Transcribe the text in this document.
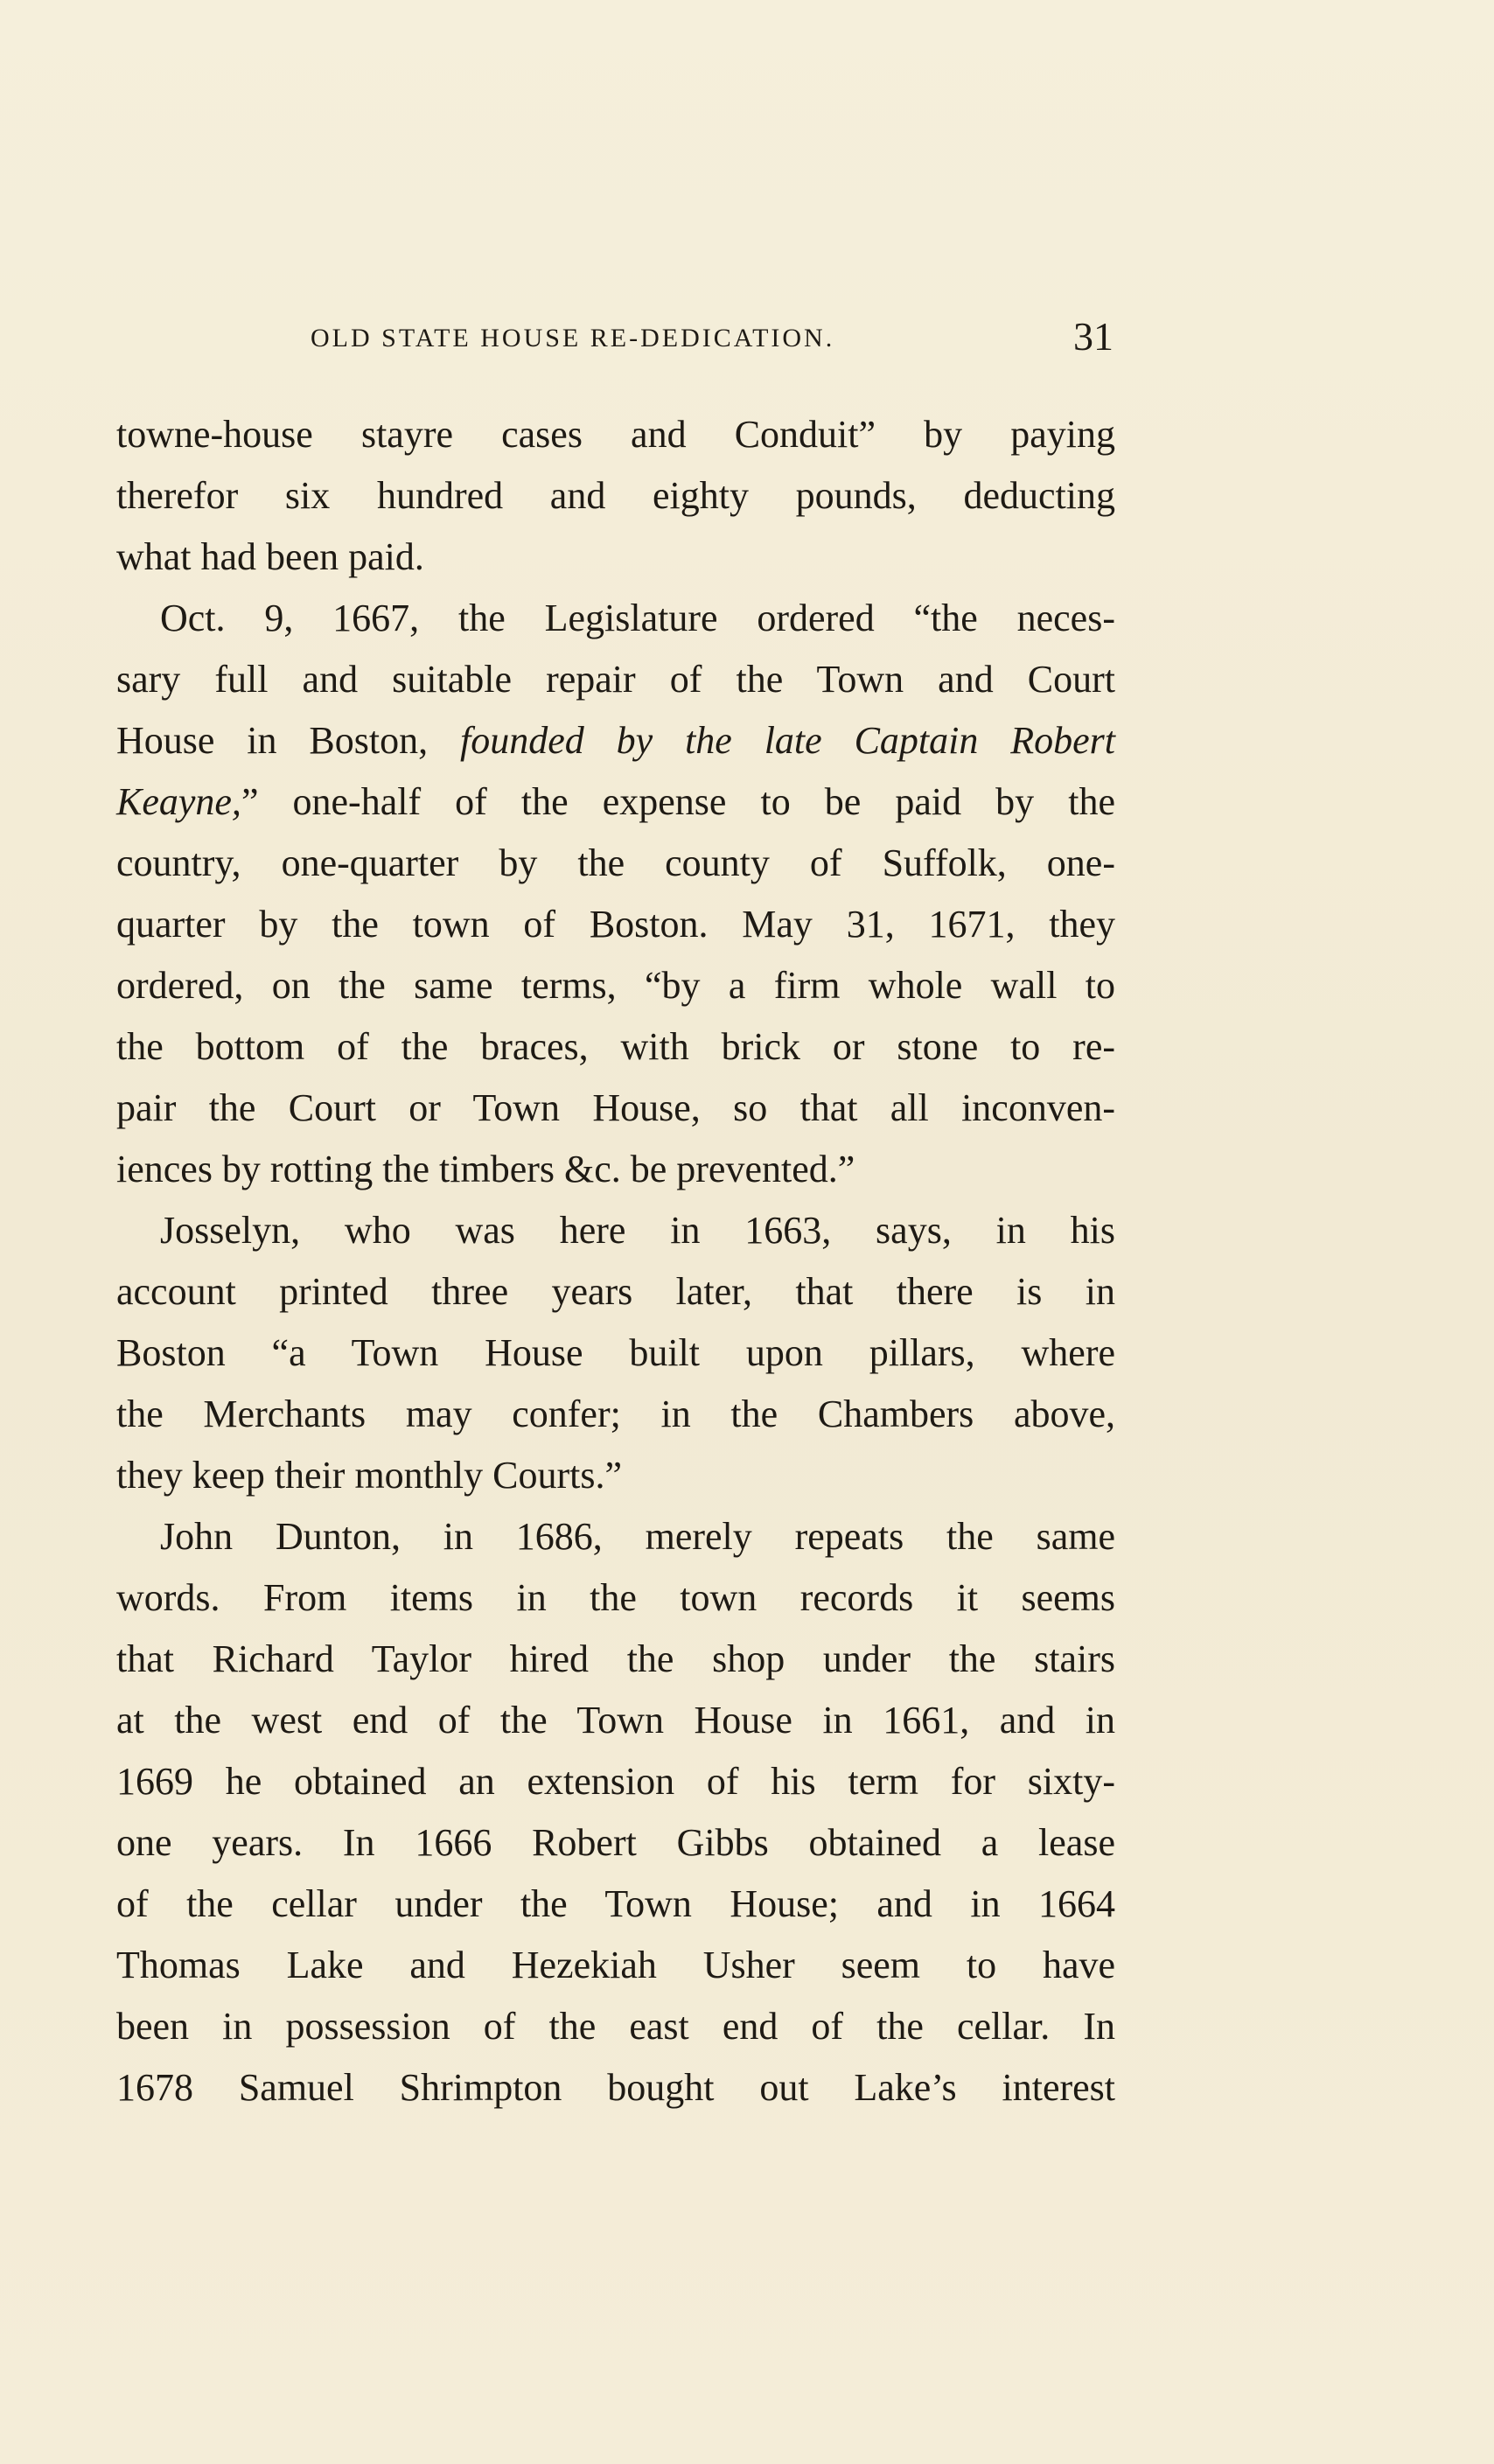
OLD STATE HOUSE RE-DEDICATION.	31
towne-house stayre cases and Conduit” by paying
therefor six hundred and eighty pounds, deducting
what had been paid.
Oct. 9, 1667, the Legislature ordered “the neces-
sary full and suitable repair of the Town and Court
House in Boston, founded by the late Captain Robert
Keayne,” one-half of the expense to be paid by the
country, one-quarter by the county of Suffolk, one-
quarter by the town of Boston. May 31, 1671, they
ordered, on the same terms, “by a firm whole wall to
the bottom of the braces, with brick or stone to re-
pair the Court or Town House, so that all inconven-
iences by rotting the timbers &c. be prevented.”
Josselyn, who was here in 1663, says, in his
account printed three years later, that there is in
Boston “a Town House built upon pillars, where
the Merchants may confer; in the Chambers above,
they keep their monthly Courts.”
John Dunton, in 1686, merely repeats the same
words. From items in the town records it seems
that Richard Taylor hired the shop under the stairs
at the west end of the Town House in 1661, and in
1669 he obtained an extension of his term for sixty-
one years. In 1666 Robert Gibbs obtained a lease
of the cellar under the Town House; and in 1664
Thomas Lake and Hezekiah Usher seem to have
been in possession of the east end of the cellar. In
1678 Samuel Shrimpton bought out Lake’s interest
